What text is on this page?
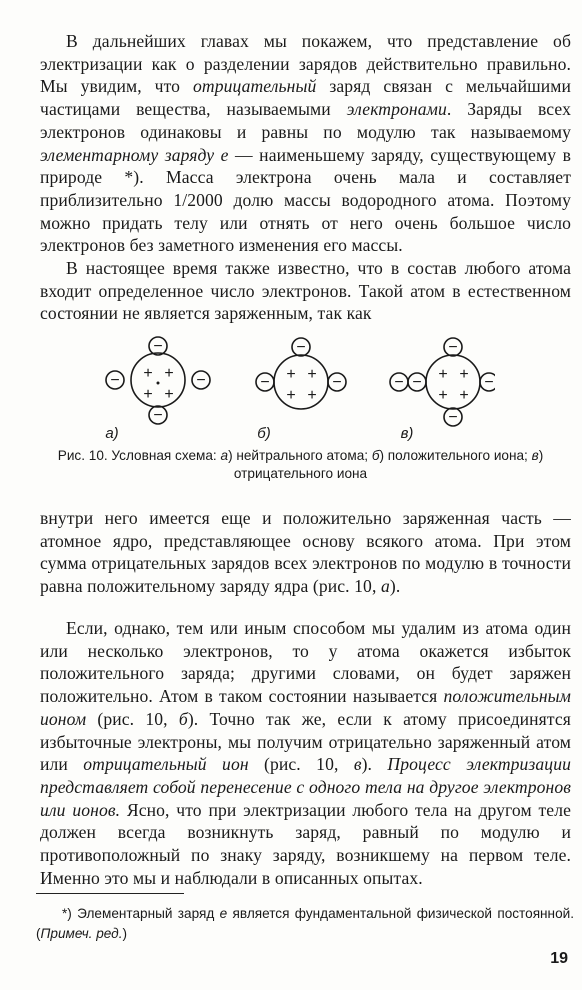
В дальнейших главах мы покажем, что представление об электризации как о разделении зарядов действительно правильно. Мы увидим, что отрицательный заряд связан с мельчайшими частицами вещества, называемыми электронами. Заряды всех электронов одинаковы и равны по модулю так называемому элементарному заряду e — наименьшему заряду, существующему в природе *). Масса электрона очень мала и составляет приблизительно 1/2000 долю массы водородного атома. Поэтому можно придать телу или отнять от него очень большое число электронов без заметного изменения его массы.

В настоящее время также известно, что в состав любого атома входит определенное число электронов. Такой атом в естественном состоянии не является заряженным, так как

−
−
−	−
+ +
+ +
а)
−
−	−
+ +
+ +
б)
−
−
− −	−
+ +
+ +
в)
Рис. 10. Условная схема: а) нейтрального атома; б) положительного иона; в) отрицательного иона

внутри него имеется еще и положительно заряженная часть — атомное ядро, представляющее основу всякого атома. При этом сумма отрицательных зарядов всех электронов по модулю в точности равна положительному заряду ядра (рис. 10, а).

Если, однако, тем или иным способом мы удалим из атома один или несколько электронов, то у атома окажется избыток положительного заряда; другими словами, он будет заряжен положительно. Атом в таком состоянии называется положительным ионом (рис. 10, б). Точно так же, если к атому присоединятся избыточные электроны, мы получим отрицательно заряженный атом или отрицательный ион (рис. 10, в). Процесс электризации представляет собой перенесение с одного тела на другое электронов или ионов. Ясно, что при электризации любого тела на другом теле должен всегда возникнуть заряд, равный по модулю и противоположный по знаку заряду, возникшему на первом теле. Именно это мы и наблюдали в описанных опытах.

*) Элементарный заряд e является фундаментальной физической постоянной. (Примеч. ред.)

19
